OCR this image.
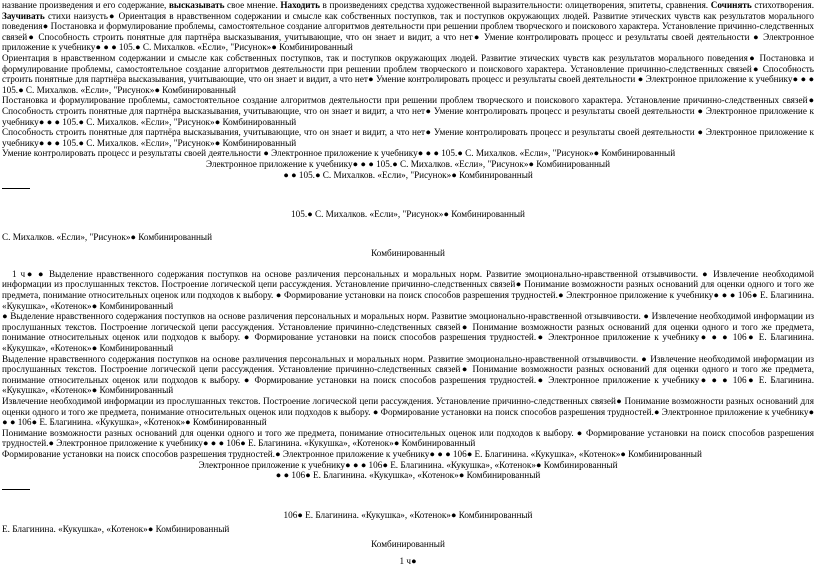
название произведения и его содержание, высказывать свое мнение. Находить в произведениях средства художественной выразительности: олицетворения, эпитеты, сравнения. Сочинять стихотворения. Заучивать стихи наизусть● Ориентация в нравственном содержании и смысле как собственных поступков, так и поступков окружающих людей. Развитие этических чувств как результатов морального поведения● Постановка и формулирование проблемы, самостоятельное создание алгоритмов деятельности при решении проблем творческого и поискового характера. Установление причинно-следственных связей● Способность строить понятные для партнёра высказывания, учитывающие, что он знает и видит, а что нет● Умение контролировать процесс и результаты своей деятельности ● Электронное приложение к учебнику● ● ● 105.● С. Михалков. «Если», "Рисунок»● Комбинированный

Ориентация в нравственном содержании и смысле как собственных поступков, так и поступков окружающих людей. Развитие этических чувств как результатов морального поведения● Постановка и формулирование проблемы, самостоятельное создание алгоритмов деятельности при решении проблем творческого и поискового характера. Установление причинно-следственных связей● Способность строить понятные для партнёра высказывания, учитывающие, что он знает и видит, а что нет● Умение контролировать процесс и результаты своей деятельности ● Электронное приложение к учебнику● ● ● 105.● С. Михалков. «Если», "Рисунок»● Комбинированный

Постановка и формулирование проблемы, самостоятельное создание алгоритмов деятельности при решении проблем творческого и поискового характера. Установление причинно-следственных связей● Способность строить понятные для партнёра высказывания, учитывающие, что он знает и видит, а что нет● Умение контролировать процесс и результаты своей деятельности ● Электронное приложение к учебнику● ● ● 105.● С. Михалков. «Если», "Рисунок»● Комбинированный

Способность строить понятные для партнёра высказывания, учитывающие, что он знает и видит, а что нет● Умение контролировать процесс и результаты своей деятельности ● Электронное приложение к учебнику● ● ● 105.● С. Михалков. «Если», "Рисунок»● Комбинированный

Умение контролировать процесс и результаты своей деятельности ● Электронное приложение к учебнику● ● ● 105.● С. Михалков. «Если», "Рисунок»● Комбинированный

Электронное приложение к учебнику● ● ● 105.● С. Михалков. «Если», "Рисунок»● Комбинированный

● ● 105.● С. Михалков. «Если», "Рисунок»● Комбинированный

105.● С. Михалков. «Если», "Рисунок»● Комбинированный

С. Михалков. «Если», "Рисунок»● Комбинированный

Комбинированный

1 ч● ● Выделение нравственного содержания поступков на основе различения персональных и моральных норм. Развитие эмоционально-нравственной отзывчивости. ● Извлечение необходимой информации из прослушанных текстов. Построение логической цепи рассуждения. Установление причинно-следственных связей● Понимание возможности разных оснований для оценки одного и того же предмета, понимание относительных оценок или подходов к выбору. ● Формирование установки на поиск способов разрешения трудностей.● Электронное приложение к учебнику● ● ● 106● Е. Благинина. «Кукушка», «Котенок»● Комбинированный

● Выделение нравственного содержания поступков на основе различения персональных и моральных норм. Развитие эмоционально-нравственной отзывчивости. ● Извлечение необходимой информации из прослушанных текстов. Построение логической цепи рассуждения. Установление причинно-следственных связей● Понимание возможности разных оснований для оценки одного и того же предмета, понимание относительных оценок или подходов к выбору. ● Формирование установки на поиск способов разрешения трудностей.● Электронное приложение к учебнику● ● ● 106● Е. Благинина. «Кукушка», «Котенок»● Комбинированный

Выделение нравственного содержания поступков на основе различения персональных и моральных норм. Развитие эмоционально-нравственной отзывчивости. ● Извлечение необходимой информации из прослушанных текстов. Построение логической цепи рассуждения. Установление причинно-следственных связей● Понимание возможности разных оснований для оценки одного и того же предмета, понимание относительных оценок или подходов к выбору. ● Формирование установки на поиск способов разрешения трудностей.● Электронное приложение к учебнику● ● ● 106● Е. Благинина. «Кукушка», «Котенок»● Комбинированный

Извлечение необходимой информации из прослушанных текстов. Построение логической цепи рассуждения. Установление причинно-следственных связей● Понимание возможности разных оснований для оценки одного и того же предмета, понимание относительных оценок или подходов к выбору. ● Формирование установки на поиск способов разрешения трудностей.● Электронное приложение к учебнику● ● ● 106● Е. Благинина. «Кукушка», «Котенок»● Комбинированный

Понимание возможности разных оснований для оценки одного и того же предмета, понимание относительных оценок или подходов к выбору. ● Формирование установки на поиск способов разрешения трудностей.● Электронное приложение к учебнику● ● ● 106● Е. Благинина. «Кукушка», «Котенок»● Комбинированный

Формирование установки на поиск способов разрешения трудностей.● Электронное приложение к учебнику● ● ● 106● Е. Благинина. «Кукушка», «Котенок»● Комбинированный

Электронное приложение к учебнику● ● ● 106● Е. Благинина. «Кукушка», «Котенок»● Комбинированный

● ● 106● Е. Благинина. «Кукушка», «Котенок»● Комбинированный

106● Е. Благинина. «Кукушка», «Котенок»● Комбинированный

Е. Благинина. «Кукушка», «Котенок»● Комбинированный

Комбинированный

1 ч●
